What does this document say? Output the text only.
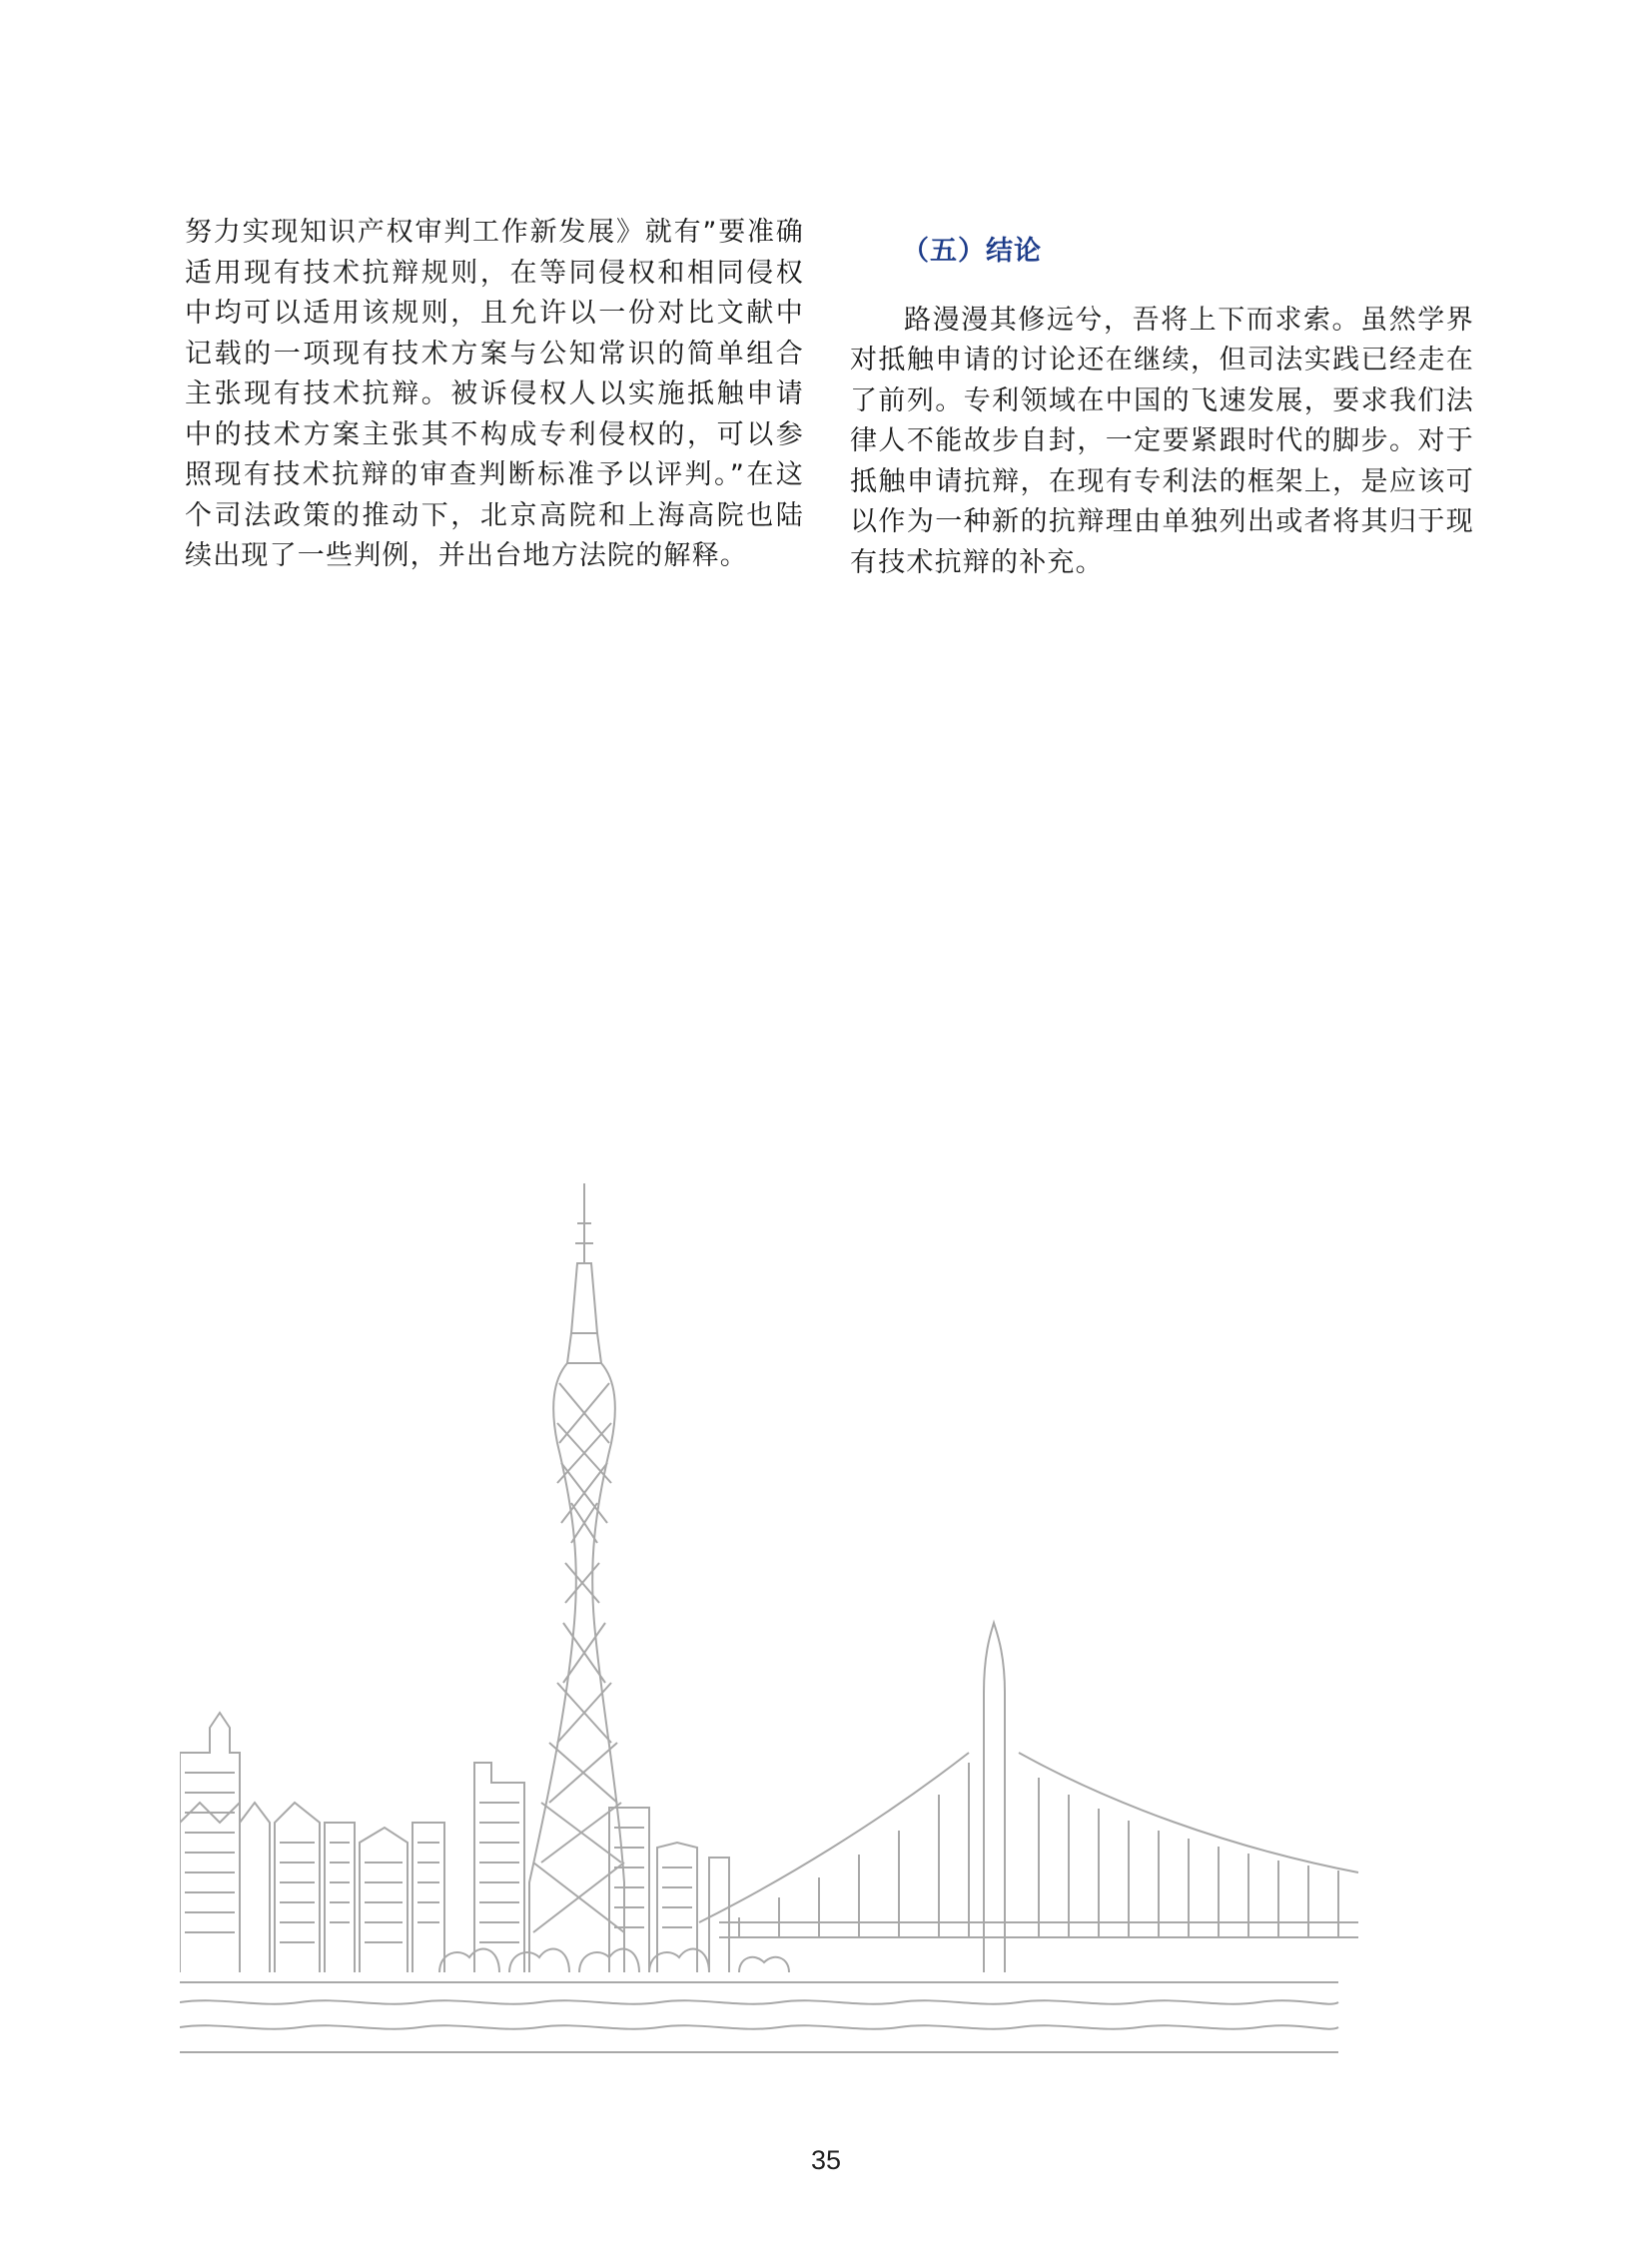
努力实现知识产权审判工作新发展》就有”要准确适用现有技术抗辩规则，在等同侵权和相同侵权中均可以适用该规则，且允许以一份对比文献中记载的一项现有技术方案与公知常识的简单组合主张现有技术抗辩。被诉侵权人以实施抵触申请中的技术方案主张其不构成专利侵权的，可以参照现有技术抗辩的审查判断标准予以评判。”在这个司法政策的推动下，北京高院和上海高院也陆续出现了一些判例，并出台地方法院的解释。

（五）结论

路漫漫其修远兮，吾将上下而求索。虽然学界对抵触申请的讨论还在继续，但司法实践已经走在了前列。专利领域在中国的飞速发展，要求我们法律人不能故步自封，一定要紧跟时代的脚步。对于抵触申请抗辩，在现有专利法的框架上，是应该可以作为一种新的抗辩理由单独列出或者将其归于现有技术抗辩的补充。

35
